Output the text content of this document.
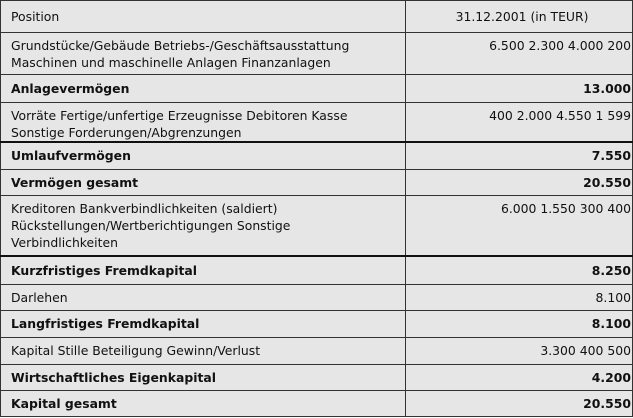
Position	31.12.2001 (in TEUR)
Grundstücke/Gebäude Betriebs-/Geschäftsausstattung
Maschinen und maschinelle Anlagen Finanzanlagen	6.500 2.300 4.000 200
Anlagevermögen	13.000
Vorräte Fertige/unfertige Erzeugnisse Debitoren Kasse
Sonstige Forderungen/Abgrenzungen	400 2.000 4.550 1 599
Umlaufvermögen	7.550
Vermögen gesamt	20.550
Kreditoren Bankverbindlichkeiten (saldiert)
Rückstellungen/Wertberichtigungen Sonstige
Verbindlichkeiten	6.000 1.550 300 400
Kurzfristiges Fremdkapital	8.250
Darlehen	8.100
Langfristiges Fremdkapital	8.100
Kapital Stille Beteiligung Gewinn/Verlust	3.300 400 500
Wirtschaftliches Eigenkapital	4.200
Kapital gesamt	20.550
